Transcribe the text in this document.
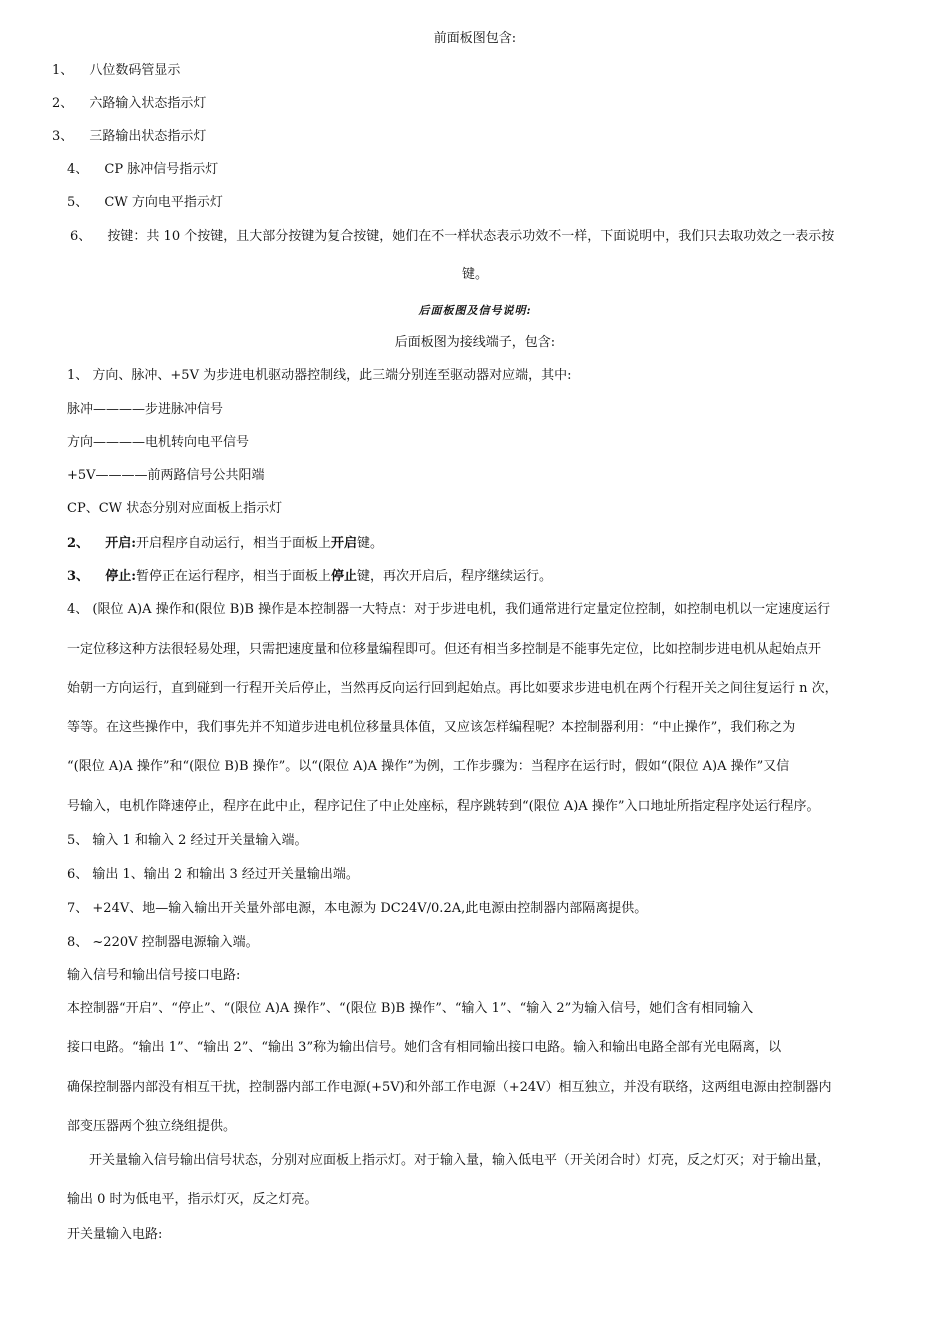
前面板图包含:
1、 八位数码管显示
2、 六路输入状态指示灯
3、 三路输出状态指示灯
4、 CP 脉冲信号指示灯
5、 CW 方向电平指示灯
6、 按键：共 10 个按键，且大部分按键为复合按键，她们在不一样状态表示功效不一样，下面说明中，我们只去取功效之一表示按
键。
后面板图及信号说明:
后面板图为接线端子，包含:
1、 方向、脉冲、+5V 为步进电机驱动器控制线，此三端分别连至驱动器对应端，其中:
脉冲————步进脉冲信号
方向————电机转向电平信号
+5V————前两路信号公共阳端
CP、CW 状态分别对应面板上指示灯
2、 开启:开启程序自动运行，相当于面板上开启键。
3、 停止:暂停正在运行程序，相当于面板上停止键，再次开启后，程序继续运行。
4、 (限位 A)A 操作和(限位 B)B 操作是本控制器一大特点：对于步进电机，我们通常进行定量定位控制，如控制电机以一定速度运行
一定位移这种方法很轻易处理，只需把速度量和位移量编程即可。但还有相当多控制是不能事先定位，比如控制步进电机从起始点开
始朝一方向运行，直到碰到一行程开关后停止，当然再反向运行回到起始点。再比如要求步进电机在两个行程开关之间往复运行 n 次，
等等。在这些操作中，我们事先并不知道步进电机位移量具体值，又应该怎样编程呢？本控制器利用：“中止操作”，我们称之为
“(限位 A)A 操作”和“(限位 B)B 操作”。以“(限位 A)A 操作”为例，工作步骤为：当程序在运行时，假如“(限位 A)A 操作”又信
号输入，电机作降速停止，程序在此中止，程序记住了中止处座标，程序跳转到“(限位 A)A 操作”入口地址所指定程序处运行程序。
5、 输入 1 和输入 2 经过开关量输入端。
6、 输出 1、输出 2 和输出 3 经过开关量输出端。
7、 +24V、地—输入输出开关量外部电源，本电源为 DC24V/0.2A,此电源由控制器内部隔离提供。
8、 ~220V 控制器电源输入端。
输入信号和输出信号接口电路:
本控制器“开启”、“停止”、“(限位 A)A 操作”、“(限位 B)B 操作”、“输入 1”、“输入 2”为输入信号，她们含有相同输入
接口电路。“输出 1”、“输出 2”、“输出 3”称为输出信号。她们含有相同输出接口电路。输入和输出电路全部有光电隔离，以
确保控制器内部没有相互干扰，控制器内部工作电源(+5V)和外部工作电源（+24V）相互独立，并没有联络，这两组电源由控制器内
部变压器两个独立绕组提供。
开关量输入信号输出信号状态，分别对应面板上指示灯。对于输入量，输入低电平（开关闭合时）灯亮，反之灯灭；对于输出量，
输出 0 时为低电平，指示灯灭，反之灯亮。
开关量输入电路:
